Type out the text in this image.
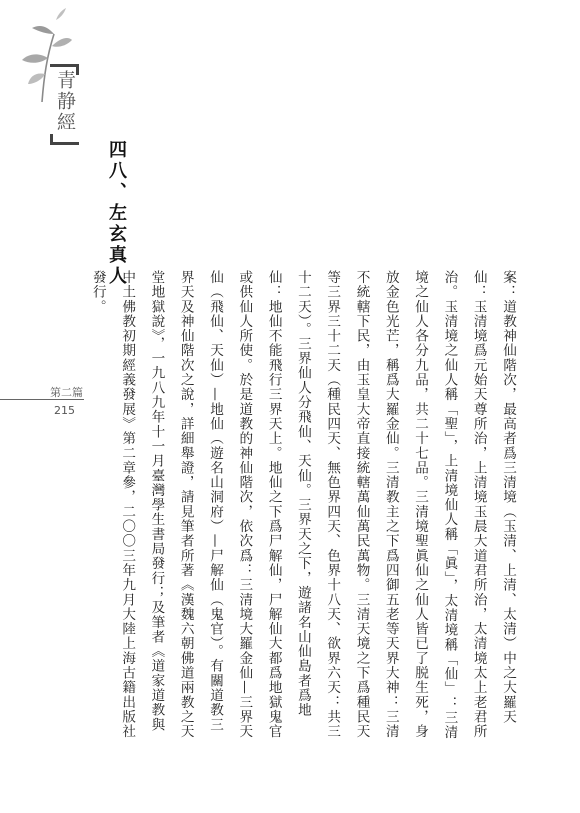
青静經
四八、左玄真人
第二篇
215	案：道教神仙階次，最高者爲三清境（玉清、上清、太清）中之大羅天仙：玉清境爲元始天尊所治，上清境玉晨大道君所治，太清境太上老君所治。玉清境之仙人稱「聖」，上清境仙人稱「眞」，太清境稱「仙」：三清境之仙人各分九品，共二十七品。三清境聖眞仙之仙人皆已了脱生死，身放金色光芒，稱爲大羅金仙。三清教主之下爲四御五老等天界大神：三清不統轄下民，由玉皇大帝直接統轄萬仙萬民萬物。三清天境之下爲種民天等三界三十二天（種民四天、無色界四天、色界十八天、欲界六天：共三十二天）。三界仙人分飛仙、天仙。三界天之下，遊諸名山仙島者爲地仙：地仙不能飛行三界天上。地仙之下爲尸解仙，尸解仙大都爲地獄鬼官或供仙人所使。於是道教的神仙階次，依次爲：三清境大羅金仙—三界天仙（飛仙、天仙）—地仙（遊名山洞府）—尸解仙（鬼官）。有關道教三界天及神仙階次之說，詳細舉證，請見筆者所著《漢魏六朝佛道兩教之天堂地獄說》，一九八九年十一月臺灣學生書局發行；及筆者《道家道教與中土佛教初期經義發展》第二章參，二〇〇三年九月大陸上海古籍出版社發行。
